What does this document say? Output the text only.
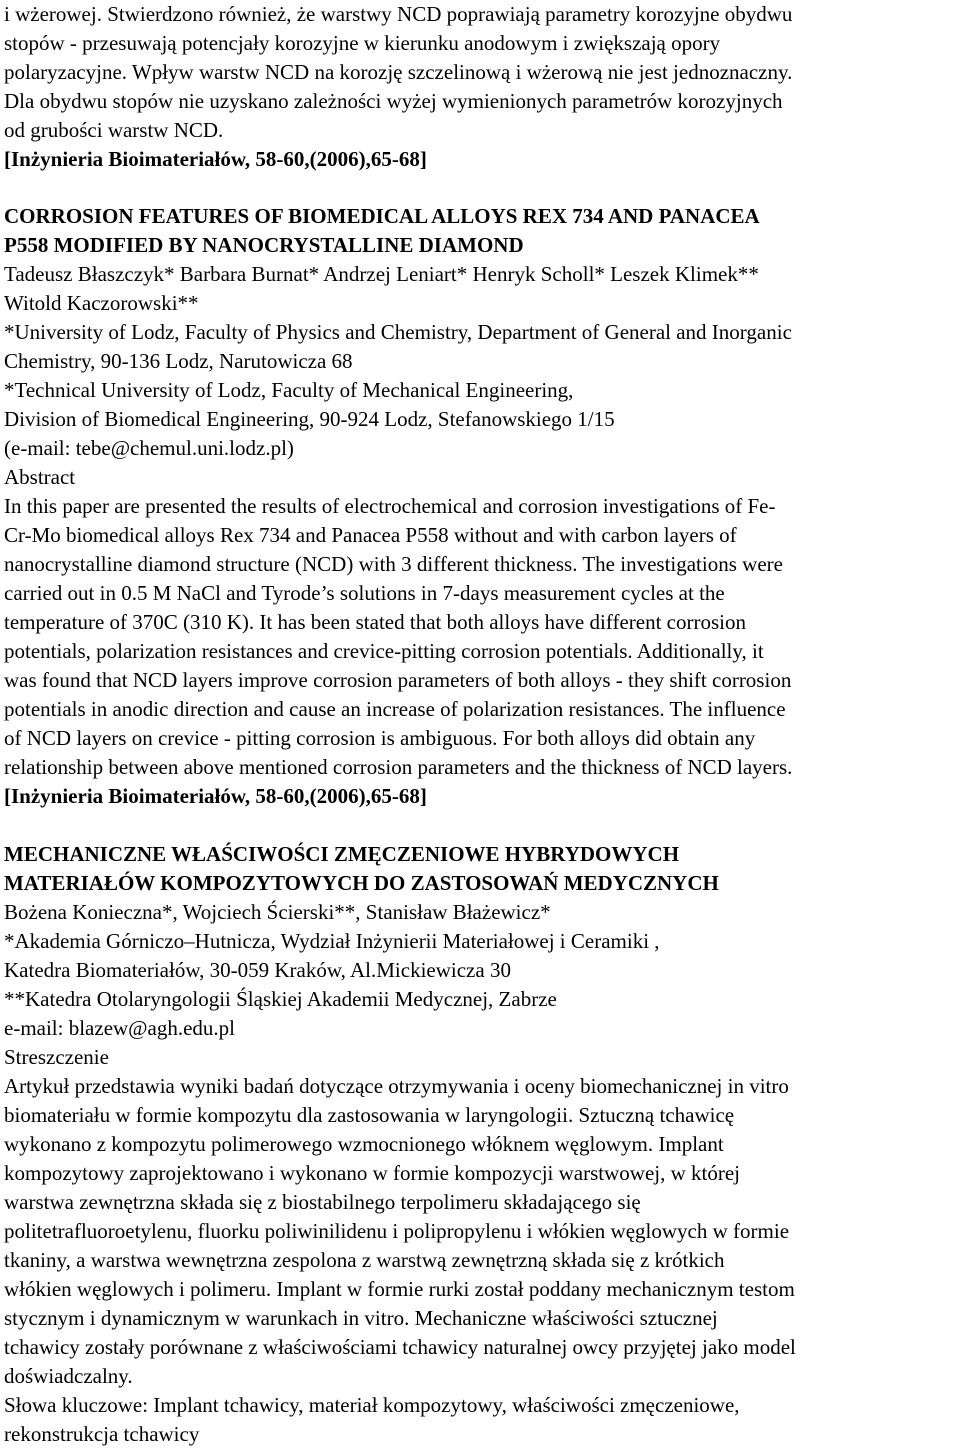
i wżerowej. Stwierdzono również, że warstwy NCD poprawiają parametry korozyjne obydwu
stopów - przesuwają potencjały korozyjne w kierunku anodowym i zwiększają opory
polaryzacyjne. Wpływ warstw NCD na korozję szczelinową i wżerową nie jest jednoznaczny.
Dla obydwu stopów nie uzyskano zależności wyżej wymienionych parametrów korozyjnych
od grubości warstw NCD.
[Inżynieria Bioimateriałów, 58-60,(2006),65-68]
CORROSION FEATURES OF BIOMEDICAL ALLOYS REX 734 AND PANACEA
P558 MODIFIED BY NANOCRYSTALLINE DIAMOND
Tadeusz Błaszczyk* Barbara Burnat* Andrzej Leniart* Henryk Scholl* Leszek Klimek**
Witold Kaczorowski**
*University of Lodz, Faculty of Physics and Chemistry, Department of General and Inorganic
Chemistry, 90-136 Lodz, Narutowicza 68
*Technical University of Lodz, Faculty of Mechanical Engineering,
Division of Biomedical Engineering, 90-924 Lodz, Stefanowskiego 1/15
(e-mail: tebe@chemul.uni.lodz.pl)
Abstract
In this paper are presented the results of electrochemical and corrosion investigations of Fe-
Cr-Mo biomedical alloys Rex 734 and Panacea P558 without and with carbon layers of
nanocrystalline diamond structure (NCD) with 3 different thickness. The investigations were
carried out in 0.5 M NaCl and Tyrode’s solutions in 7-days measurement cycles at the
temperature of 370C (310 K). It has been stated that both alloys have different corrosion
potentials, polarization resistances and crevice-pitting corrosion potentials. Additionally, it
was found that NCD layers improve corrosion parameters of both alloys - they shift corrosion
potentials in anodic direction and cause an increase of polarization resistances. The influence
of NCD layers on crevice - pitting corrosion is ambiguous. For both alloys did obtain any
relationship between above mentioned corrosion parameters and the thickness of NCD layers.
[Inżynieria Bioimateriałów, 58-60,(2006),65-68]
MECHANICZNE WŁAŚCIWOŚCI ZMĘCZENIOWE HYBRYDOWYCH
MATERIAŁÓW KOMPOZYTOWYCH DO ZASTOSOWAŃ MEDYCZNYCH
Bożena Konieczna*, Wojciech Ścierski**, Stanisław Błażewicz*
*Akademia Górniczo–Hutnicza, Wydział Inżynierii Materiałowej i Ceramiki ,
Katedra Biomateriałów, 30-059 Kraków, Al.Mickiewicza 30
**Katedra Otolaryngologii Śląskiej Akademii Medycznej, Zabrze
e-mail: blazew@agh.edu.pl
Streszczenie
Artykuł przedstawia wyniki badań dotyczące otrzymywania i oceny biomechanicznej in vitro
biomateriału w formie kompozytu dla zastosowania w laryngologii. Sztuczną tchawicę
wykonano z kompozytu polimerowego wzmocnionego włóknem węglowym. Implant
kompozytowy zaprojektowano i wykonano w formie kompozycji warstwowej, w której
warstwa zewnętrzna składa się z biostabilnego terpolimeru składającego się
politetrafluoroetylenu, fluorku poliwinilidenu i polipropylenu i włókien węglowych w formie
tkaniny, a warstwa wewnętrzna zespolona z warstwą zewnętrzną składa się z krótkich
włókien węglowych i polimeru. Implant w formie rurki został poddany mechanicznym testom
stycznym i dynamicznym w warunkach in vitro. Mechaniczne właściwości sztucznej
tchawicy zostały porównane z właściwościami tchawicy naturalnej owcy przyjętej jako model
doświadczalny.
Słowa kluczowe: Implant tchawicy, materiał kompozytowy, właściwości zmęczeniowe,
rekonstrukcja tchawicy
